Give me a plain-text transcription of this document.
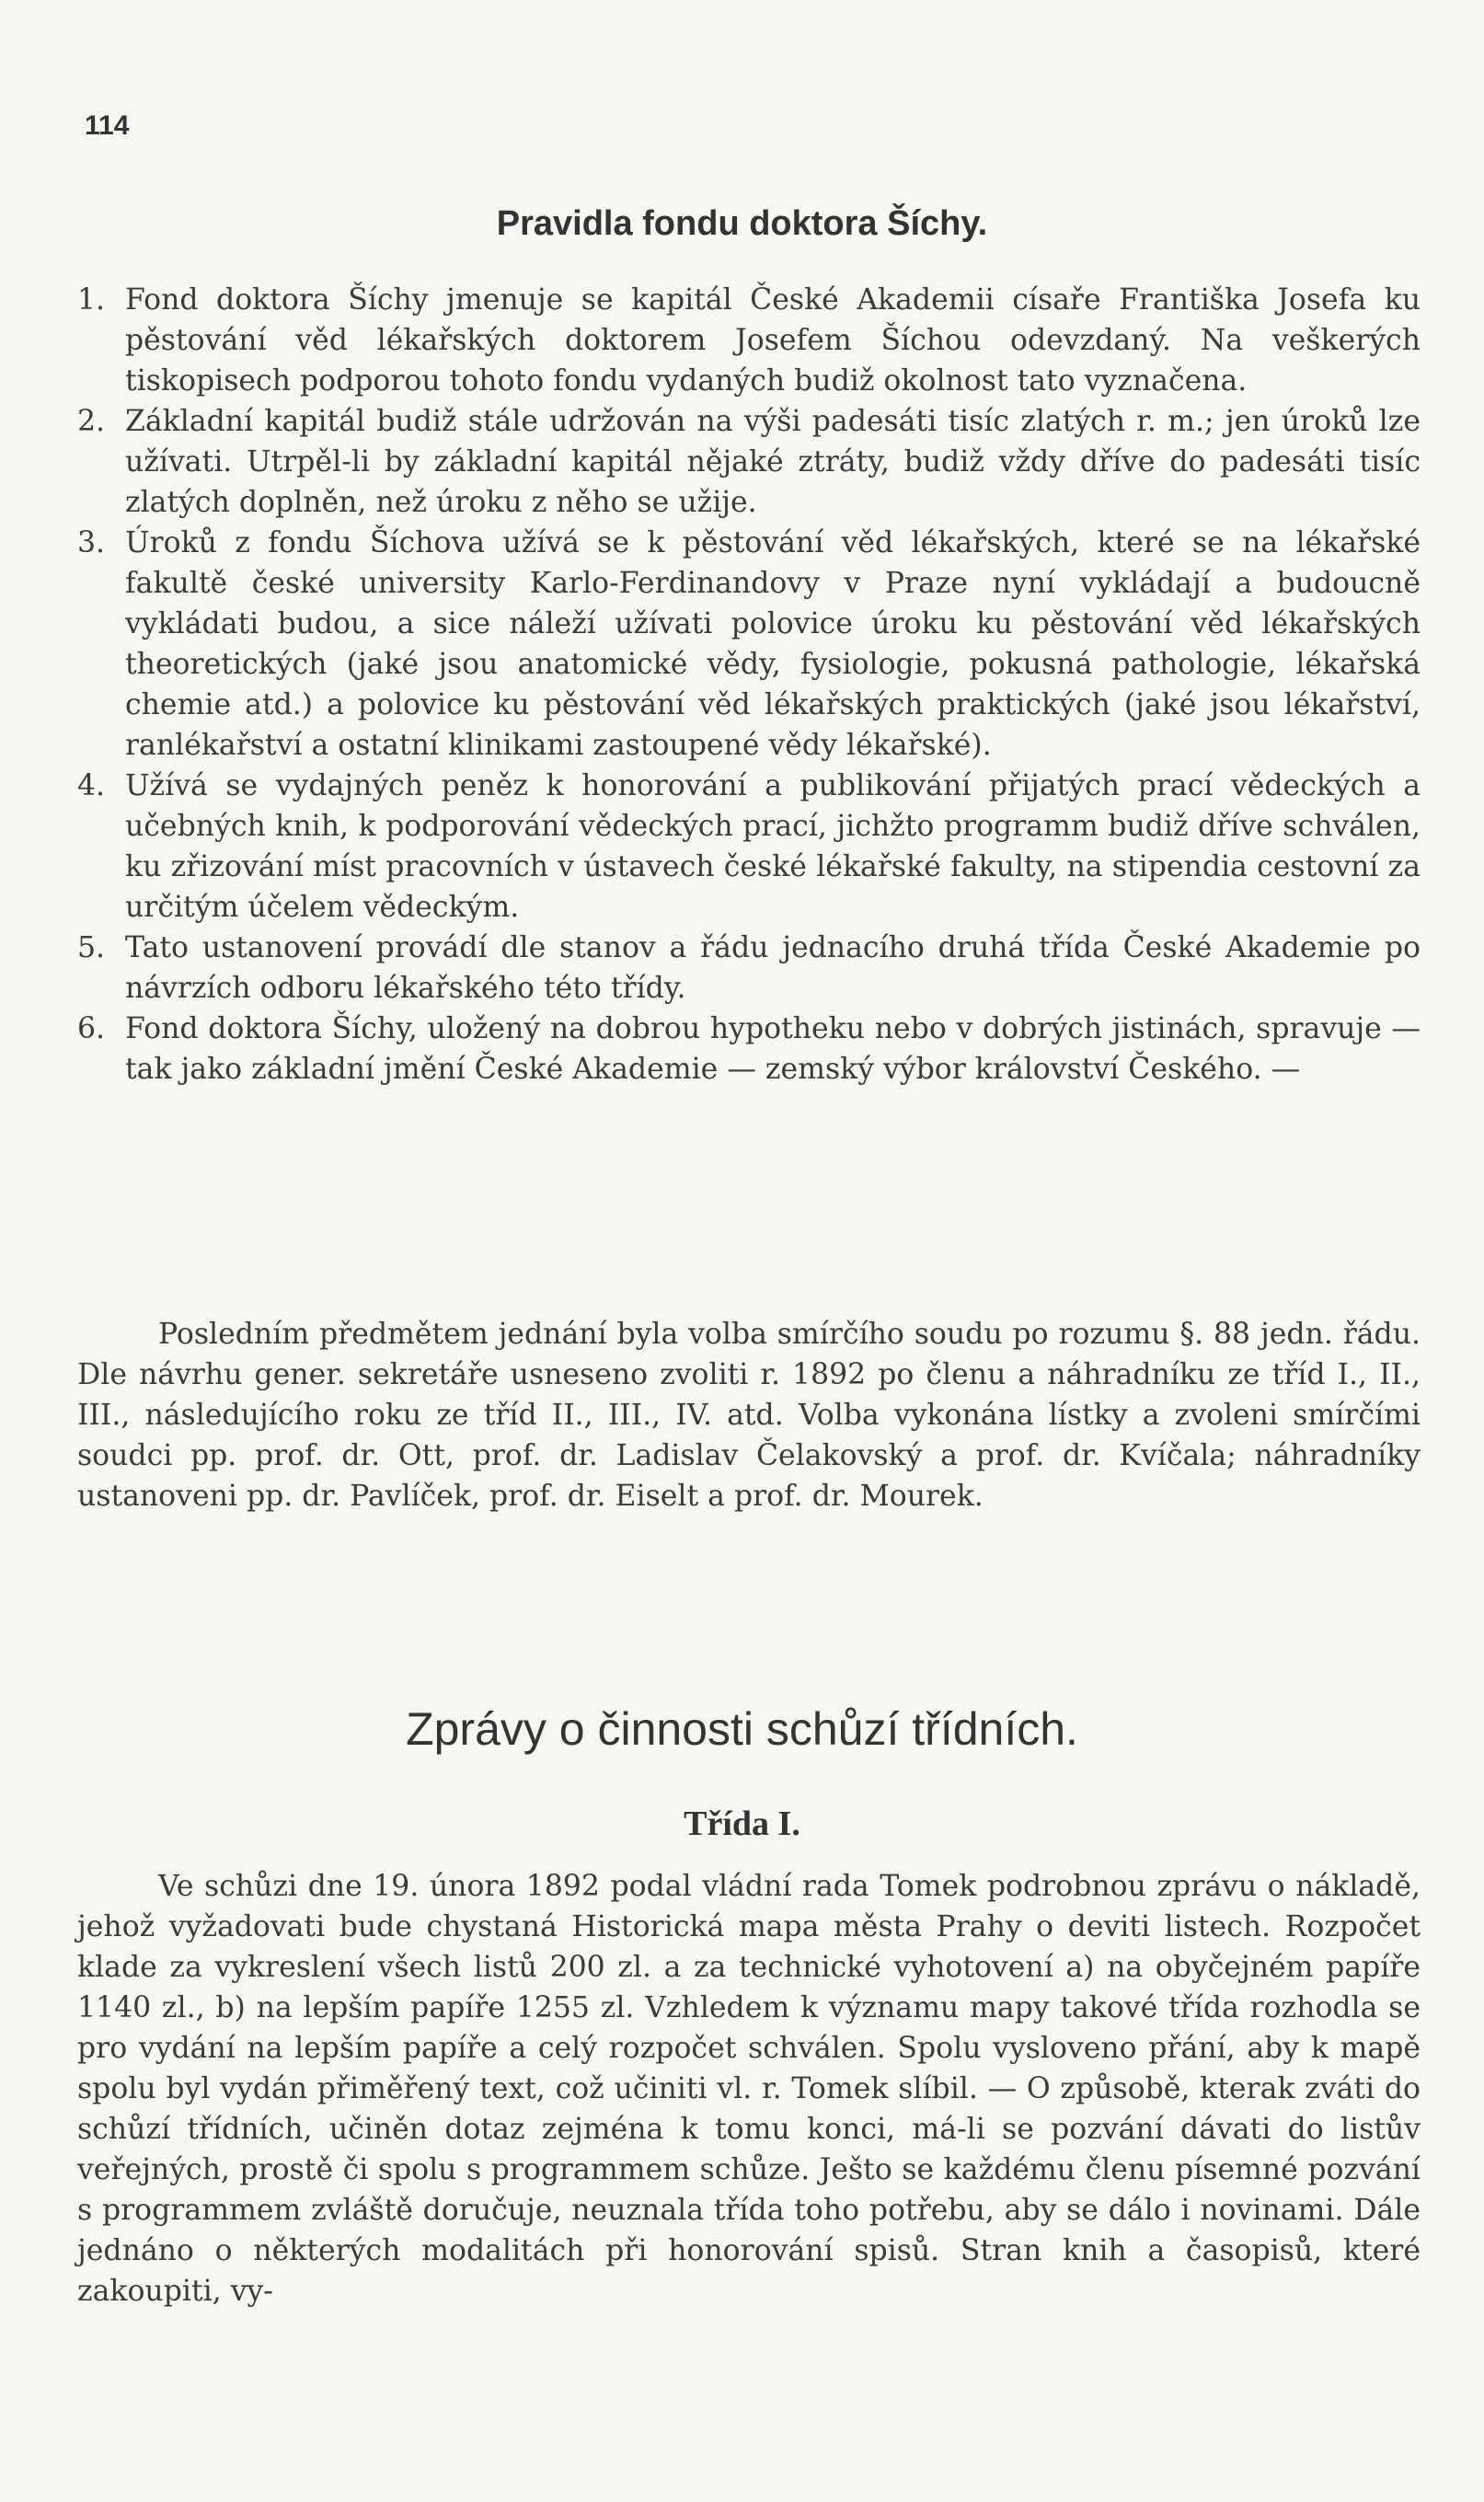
114
Pravidla fondu doktora Šíchy.

1. Fond doktora Šíchy jmenuje se kapitál České Akademii císaře Františka Josefa ku pěstování věd lékařských doktorem Josefem Šíchou odevzdaný. Na veškerých tiskopisech podporou tohoto fondu vydaných budiž okolnost tato vyznačena.

2. Základní kapitál budiž stále udržován na výši padesáti tisíc zlatých r. m.; jen úroků lze užívati. Utrpěl-li by základní kapitál nějaké ztráty, budiž vždy dříve do padesáti tisíc zlatých doplněn, než úroku z něho se užije.

3. Úroků z fondu Šíchova užívá se k pěstování věd lékařských, které se na lékařské fakultě české university Karlo-Ferdinandovy v Praze nyní vykládají a budoucně vykládati budou, a sice náleží užívati polovice úroku ku pěstování věd lékařských theoretických (jaké jsou anatomické vědy, fysiologie, pokusná pathologie, lékařská chemie atd.) a polovice ku pěstování věd lékařských praktických (jaké jsou lékařství, ranlékařství a ostatní klinikami zastoupené vědy lékařské).

4. Užívá se vydajných peněz k honorování a publikování přijatých prací vědeckých a učebných knih, k podporování vědeckých prací, jichžto programm budiž dříve schválen, ku zřizování míst pracovních v ústavech české lékařské fakulty, na stipendia cestovní za určitým účelem vědeckým.

5. Tato ustanovení provádí dle stanov a řádu jednacího druhá třída České Akademie po návrzích odboru lékařského této třídy.

6. Fond doktora Šíchy, uložený na dobrou hypotheku nebo v dobrých jistinách, spravuje — tak jako základní jmění České Akademie — zemský výbor království Českého. —

Posledním předmětem jednání byla volba smírčího soudu po rozumu §. 88 jedn. řádu. Dle návrhu gener. sekretáře usneseno zvoliti r. 1892 po členu a náhradníku ze tříd I., II., III., následujícího roku ze tříd II., III., IV. atd. Volba vykonána lístky a zvoleni smírčími soudci pp. prof. dr. Ott, prof. dr. Ladislav Čelakovský a prof. dr. Kvíčala; náhradníky ustanoveni pp. dr. Pavlíček, prof. dr. Eiselt a prof. dr. Mourek.

Zprávy o činnosti schůzí třídních.
Třída I.

Ve schůzi dne 19. února 1892 podal vládní rada Tomek podrobnou zprávu o nákladě, jehož vyžadovati bude chystaná Historická mapa města Prahy o deviti listech. Rozpočet klade za vykreslení všech listů 200 zl. a za technické vyhotovení a) na obyčejném papíře 1140 zl., b) na lepším papíře 1255 zl. Vzhledem k významu mapy takové třída rozhodla se pro vydání na lepším papíře a celý rozpočet schválen. Spolu vysloveno přání, aby k mapě spolu byl vydán přiměřený text, což učiniti vl. r. Tomek slíbil. — O způsobě, kterak zváti do schůzí třídních, učiněn dotaz zejména k tomu konci, má-li se pozvání dávati do listův veřejných, prostě či spolu s programmem schůze. Ješto se každému členu písemné pozvání s programmem zvláště doručuje, neuznala třída toho potřebu, aby se dálo i novinami. Dále jednáno o některých modalitách při honorování spisů. Stran knih a časopisů, které zakoupiti, vy-
